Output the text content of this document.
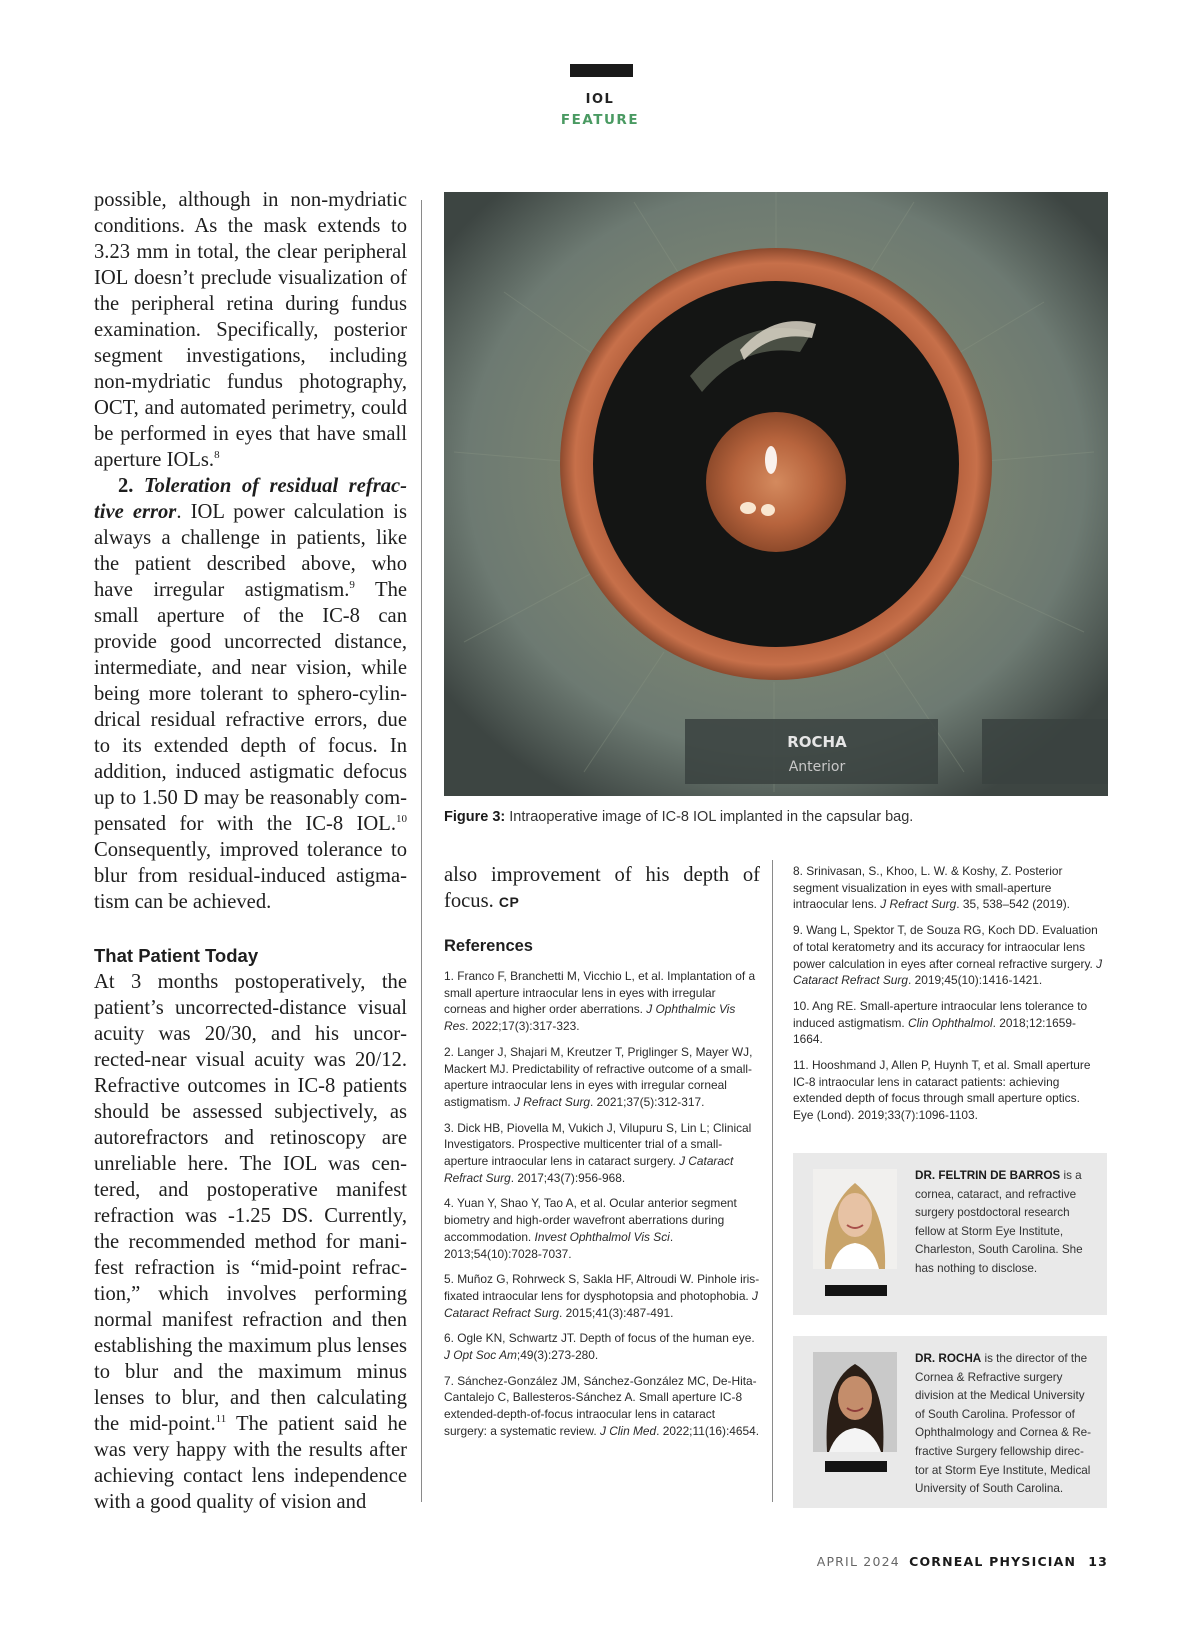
IOL
FEATURE

possible, although in non-mydriatic conditions. As the mask extends to 3.23 mm in total, the clear peripheral IOL doesn’t preclude visualization of the peripheral retina during fundus examination. Specifically, posterior segment investigations, including non-mydriatic fundus photography, OCT, and automated perimetry, could be performed in eyes that have small aperture IOLs.$^8$

2. Toleration of residual refractive error. IOL power calculation is always a challenge in patients, like the patient described above, who have irregular astigmatism.$^9$ The small aperture of the IC-8 can provide good uncorrected distance, intermediate, and near vision, while being more tolerant to sphero-cylindrical residual refractive errors, due to its extended depth of focus. In addition, induced astigmatic defocus up to 1.50 D may be reasonably compensated for with the IC-8 IOL.$^{10}$ Consequently, improved tolerance to blur from residual-induced astigmatism can be achieved.

That Patient Today

At 3 months postoperatively, the patient’s uncorrected-distance visual acuity was 20/30, and his uncorrected-near visual acuity was 20/12. Refractive outcomes in IC-8 patients should be assessed subjectively, as autorefractors and retinoscopy are unreliable here. The IOL was centered, and postoperative manifest refraction was -1.25 DS. Currently, the recommended method for manifest refraction is “mid-point refraction,” which involves performing normal manifest refraction and then establishing the maximum plus lenses to blur and the maximum minus lenses to blur, and then calculating the mid-point.$^{11}$ The patient said he was very happy with the results after achieving contact lens independence with a good quality of vision and

ROCHA
Anterior
Figure 3: Intraoperative image of IC-8 IOL implanted in the capsular bag.
also improvement of his depth of focus. CP
References
1. Franco F, Branchetti M, Vicchio L, et al. Implantation of a small aperture intraocular lens in eyes with irregular corneas and higher order aberrations. J Ophthalmic Vis Res. 2022;17(3):317-323.
2. Langer J, Shajari M, Kreutzer T, Priglinger S, Mayer WJ, Mackert MJ. Predictability of refractive outcome of a small-aperture intraocular lens in eyes with irregular corneal astigmatism. J Refract Surg. 2021;37(5):312-317.
3. Dick HB, Piovella M, Vukich J, Vilupuru S, Lin L; Clinical Investigators. Prospective multicenter trial of a small-aperture intraocular lens in cataract surgery. J Cataract Refract Surg. 2017;43(7):956-968.
4. Yuan Y, Shao Y, Tao A, et al. Ocular anterior segment biometry and high-order wavefront aberrations during accommodation. Invest Ophthalmol Vis Sci. 2013;54(10):7028-7037.
5. Muñoz G, Rohrweck S, Sakla HF, Altroudi W. Pinhole iris-fixated intraocular lens for dysphotopsia and photophobia. J Cataract Refract Surg. 2015;41(3):487-491.
6. Ogle KN, Schwartz JT. Depth of focus of the human eye. J Opt Soc Am;49(3):273-280.
7. Sánchez-González JM, Sánchez-González MC, De-Hita-Cantalejo C, Ballesteros-Sánchez A. Small aperture IC-8 extended-depth-of-focus intraocular lens in cataract surgery: a systematic review. J Clin Med. 2022;11(16):4654.
8. Srinivasan, S., Khoo, L. W. & Koshy, Z. Posterior segment visualization in eyes with small-aperture intraocular lens. J Refract Surg. 35, 538–542 (2019).
9. Wang L, Spektor T, de Souza RG, Koch DD. Evaluation of total keratometry and its accuracy for intraocular lens power calculation in eyes after corneal refractive surgery. J Cataract Refract Surg. 2019;45(10):1416-1421.
10. Ang RE. Small-aperture intraocular lens tolerance to induced astigmatism. Clin Ophthalmol. 2018;12:1659-1664.
11. Hooshmand J, Allen P, Huynh T, et al. Small aperture IC-8 intraocular lens in cataract patients: achieving extended depth of focus through small aperture optics. Eye (Lond). 2019;33(7):1096-1103.
DR. FELTRIN DE BARROS is a cornea, cataract, and refractive surgery postdoctoral research fellow at Storm Eye Institute, Charleston, South Carolina. She has nothing to disclose.
DR. ROCHA is the director of the Cornea & Refractive surgery division at the Medical University of South Carolina. Professor of Ophthalmology and Cornea & Refractive Surgery fellowship director at Storm Eye Institute, Medical University of South Carolina.
APRIL 2024 CORNEAL PHYSICIAN 13
